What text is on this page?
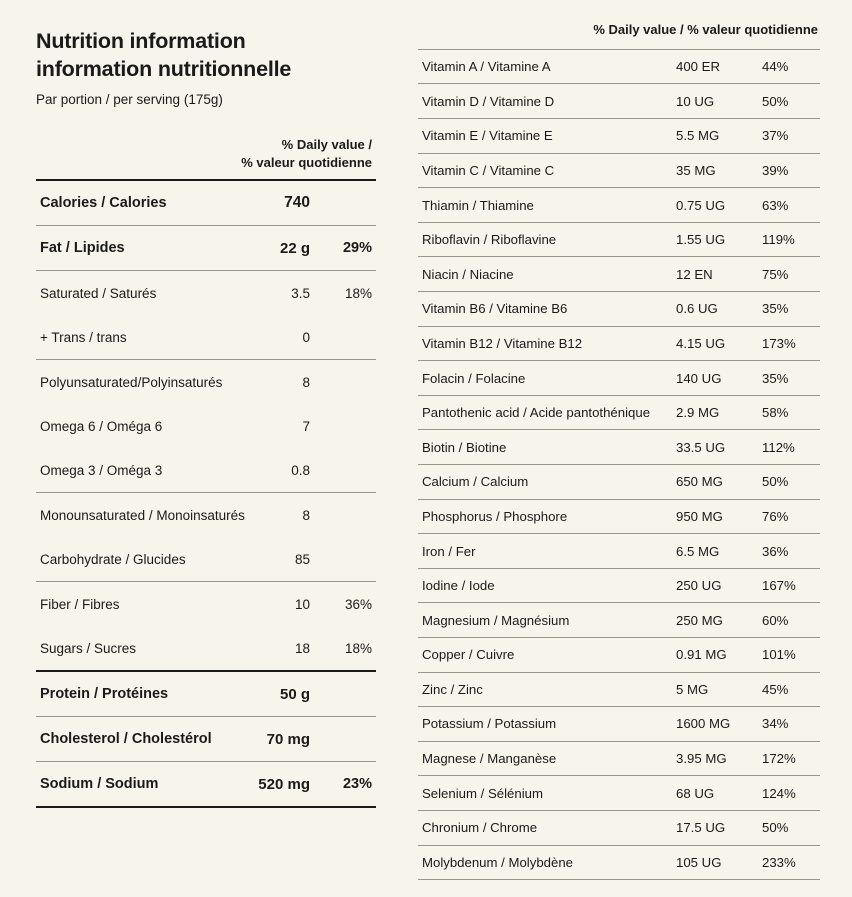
Nutrition information
information nutritionnelle
Par portion / per serving (175g)

	% Daily value /
% valeur quotidienne	

Calories / Calories	740	

Fat / Lipides	22 g	29%

Saturated / Saturés	3.5	18%
+ Trans / trans	0	

Polyunsaturated/Polyinsaturés	8	
Omega 6 / Oméga 6	7	
Omega 3 / Oméga 3	0.8	

Monounsaturated / Monoinsaturés	8	
Carbohydrate / Glucides	85	

Fiber / Fibres	10	36%
Sugars / Sucres	18	18%

Protein / Protéines	50 g	

Cholesterol / Cholestérol	70 mg	

Sodium / Sodium	520 mg	23%

% Daily value / % valeur quotidienne
Vitamin A / Vitamine A	400 ER	44%
Vitamin D / Vitamine D	10 UG	50%
Vitamin E / Vitamine E	5.5 MG	37%
Vitamin C / Vitamine C	35 MG	39%
Thiamin / Thiamine	0.75 UG	63%
Riboflavin / Riboflavine	1.55 UG	119%
Niacin / Niacine	12 EN	75%
Vitamin B6 / Vitamine B6	0.6 UG	35%
Vitamin B12 / Vitamine B12	4.15 UG	173%
Folacin / Folacine	140 UG	35%
Pantothenic acid / Acide pantothénique	2.9 MG	58%
Biotin / Biotine	33.5 UG	112%
Calcium / Calcium	650 MG	50%
Phosphorus / Phosphore	950 MG	76%
Iron / Fer	6.5 MG	36%
Iodine / Iode	250 UG	167%
Magnesium / Magnésium	250 MG	60%
Copper / Cuivre	0.91 MG	101%
Zinc / Zinc	5 MG	45%
Potassium / Potassium	1600 MG	34%
Magnese / Manganèse	3.95 MG	172%
Selenium / Sélénium	68 UG	124%
Chronium / Chrome	17.5 UG	50%
Molybdenum / Molybdène	105 UG	233%
